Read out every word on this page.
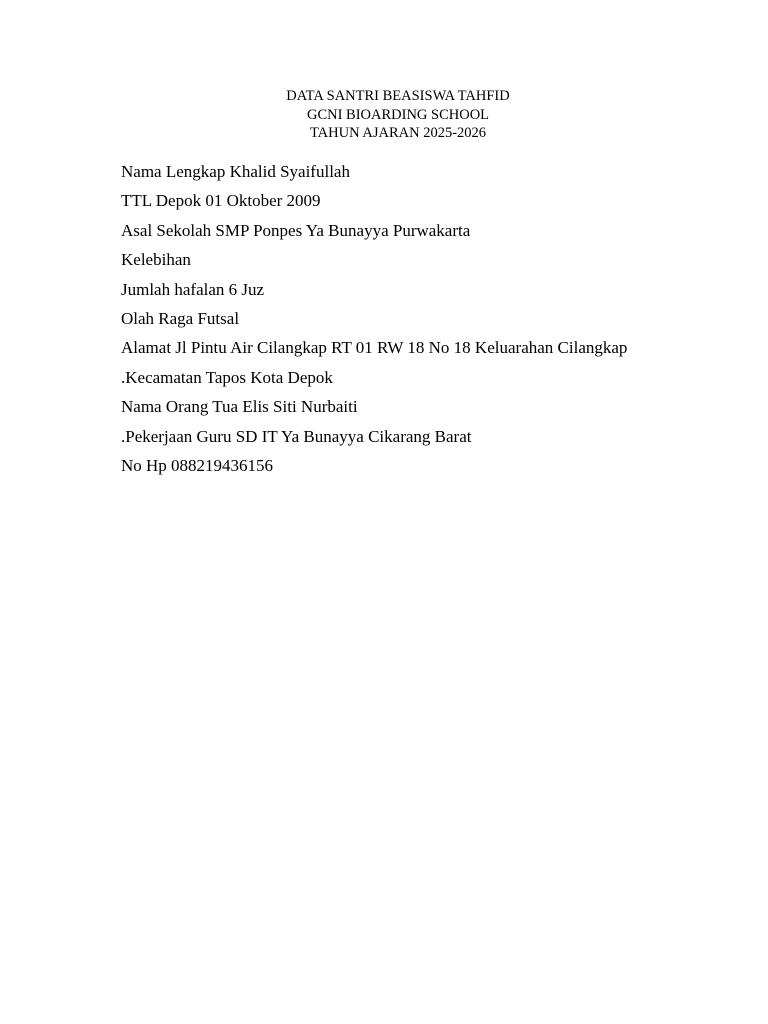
DATA SANTRI BEASISWA TAHFID
GCNI BIOARDING SCHOOL
TAHUN AJARAN 2025-2026
Nama Lengkap Khalid Syaifullah
TTL Depok 01 Oktober 2009
Asal Sekolah SMP Ponpes Ya Bunayya Purwakarta
Kelebihan
Jumlah hafalan 6 Juz
Olah Raga Futsal
Alamat Jl Pintu Air Cilangkap RT 01 RW 18 No 18 Keluarahan Cilangkap
.Kecamatan Tapos Kota Depok
Nama Orang Tua Elis Siti Nurbaiti
.Pekerjaan Guru SD IT Ya Bunayya Cikarang Barat
No Hp 088219436156
